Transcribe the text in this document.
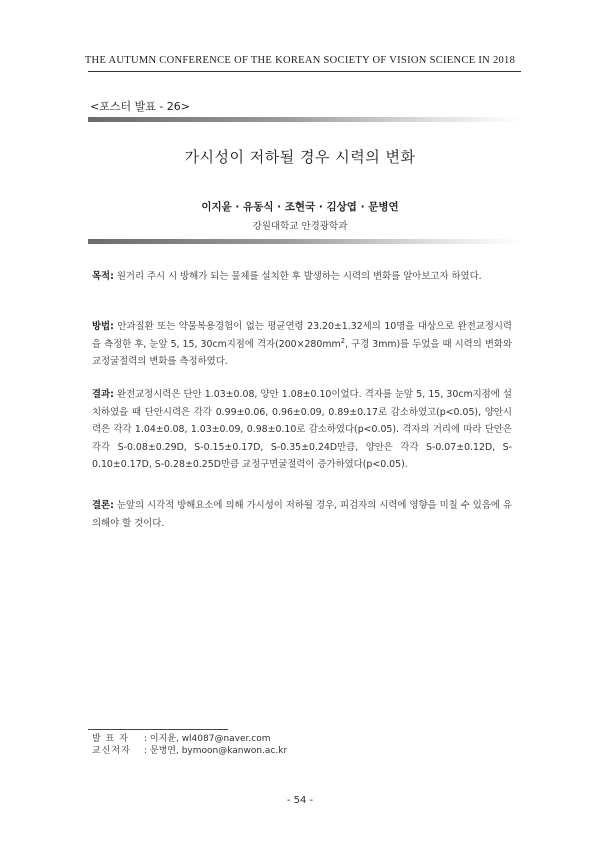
THE AUTUMN CONFERENCE OF THE KOREAN SOCIETY OF VISION SCIENCE IN 2018
<포스터 발표 - 26>
가시성이 저하될 경우 시력의 변화
이지윤 · 유동식 · 조현국 · 김상엽 · 문병연
강원대학교 안경광학과

목적: 원거리 주시 시 방해가 되는 물체를 설치한 후 발생하는 시력의 변화를 알아보고자 하였다.

방법: 안과질환 또는 약물복용경험이 없는 평균연령 23.20±1.32세의 10명을 대상으로 완전교정시력을 측정한 후, 눈앞 5, 15, 30cm지점에 격자($200\times 280mm^2$, 구경 3mm)를 두었을 때 시력의 변화와 교정굴절력의 변화를 측정하였다.

결과: 완전교정시력은 단안 1.03±0.08, 양안 1.08±0.10이었다. 격자를 눈앞 5, 15, 30cm지점에 설치하였을 때 단안시력은 각각 0.99±0.06, 0.96±0.09, 0.89±0.17로 감소하였고(p<0.05), 양안시력은 각각 1.04±0.08, 1.03±0.09, 0.98±0.10로 감소하였다(p<0.05). 격자의 거리에 따라 단안은 각각 S-0.08±0.29D, S-0.15±0.17D, S-0.35±0.24D만큼, 양안은 각각 S-0.07±0.12D, S-0.10±0.17D, S-0.28±0.25D만큼 교정구면굴절력이 증가하였다(p<0.05).

결론: 눈앞의 시각적 방해요소에 의해 가시성이 저하될 경우, 피검자의 시력에 영향을 미칠 수 있음에 유의해야 할 것이다.

발 표 자 : 이지윤, wl4087@naver.com
교신저자 : 문병연, bymoon@kanwon.ac.kr
- 54 -
